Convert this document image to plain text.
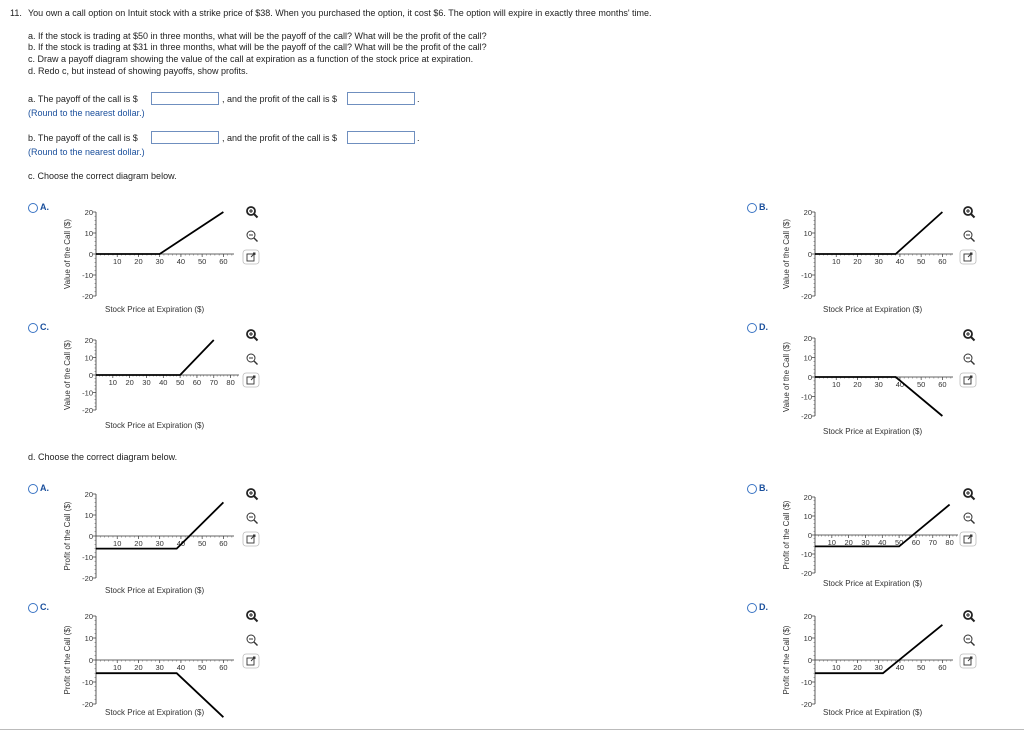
11. You own a call option on Intuit stock with a strike price of $38. When you purchased the option, it cost $6. The option will expire in exactly three months' time.
a. If the stock is trading at $50 in three months, what will be the payoff of the call? What will be the profit of the call?
b. If the stock is trading at $31 in three months, what will be the payoff of the call? What will be the profit of the call?
c. Draw a payoff diagram showing the value of the call at expiration as a function of the stock price at expiration.
d. Redo c, but instead of showing payoffs, show profits.
a. The payoff of the call is $	, and the profit of the call is $	.
(Round to the nearest dollar.)
b. The payoff of the call is $	, and the profit of the call is $	.
(Round to the nearest dollar.)
c. Choose the correct diagram below.
d. Choose the correct diagram below.
A.	B.
C.	D.
A.	B.
C.	D.
20
10
0
-10
-20
10 20 30 40 50 60
Value of the Call ($)
Stock Price at Expiration ($)
20
10
0
-10
-20
10 20 30 40 50 60
Value of the Call ($)
Stock Price at Expiration ($)
20
10
0
-10
-20
10 20 30 40 50 60 70 80
Value of the Call ($)
Stock Price at Expiration ($)
20
10
0
-10
-20
10 20 30 40 50 60
Value of the Call ($)
Stock Price at Expiration ($)
20
10
0
-10
-20
10 20 30 40 50 60
Profit of the Call ($)
Stock Price at Expiration ($)
20
10
0
-10
-20
10 20 30 40 50 60 70 80
Profit of the Call ($)
Stock Price at Expiration ($)
20
10
0
-10
-20
10 20 30 40 50 60
Profit of the Call ($)
Stock Price at Expiration ($)
20
10
0
-10
-20
10 20 30 40 50 60
Profit of the Call ($)
Stock Price at Expiration ($)
